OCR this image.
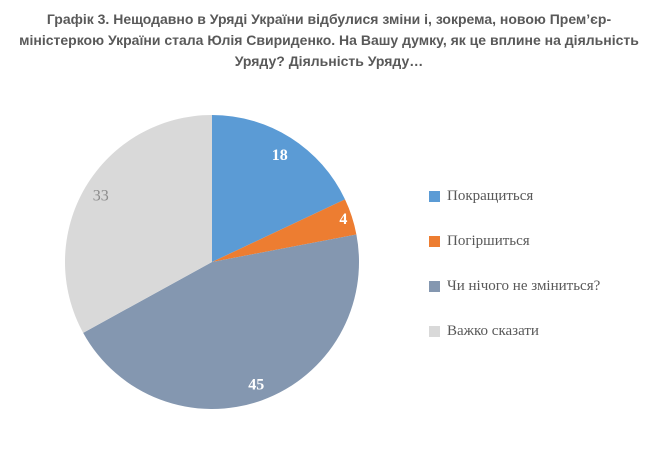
Графік 3. Нещодавно в Уряді України відбулися зміни і, зокрема, новою Прем’єр-
міністеркою України стала Юлія Свириденко. На Вашу думку, як це вплине на діяльність
Уряду? Діяльність Уряду…
18
4
45
33	Покращиться
Погіршиться
Чи нічого не зміниться?
Важко сказати
